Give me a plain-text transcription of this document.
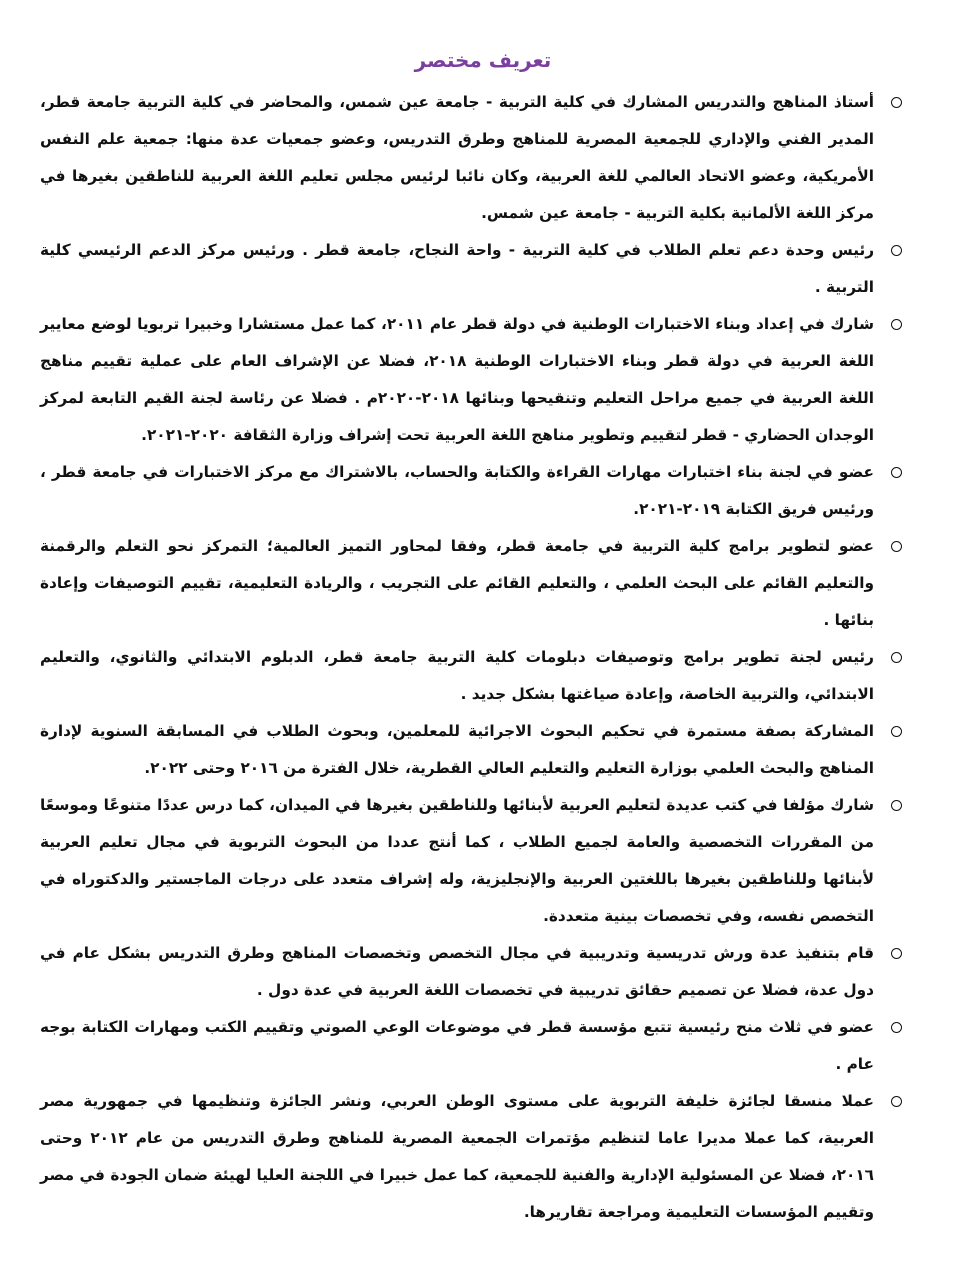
تعريف مختصر
أستاذ المناهج والتدريس المشارك في كلية التربية - جامعة عين شمس، والمحاضر في كلية التربية جامعة قطر، المدير الفني والإداري للجمعية المصرية للمناهج وطرق التدريس، وعضو جمعيات عدة منها: جمعية علم النفس الأمريكية، وعضو الاتحاد العالمي للغة العربية، وكان نائبا لرئيس مجلس تعليم اللغة العربية للناطقين بغيرها في مركز اللغة الألمانية بكلية التربية - جامعة عين شمس.
رئيس وحدة دعم تعلم الطلاب في كلية التربية - واحة النجاح، جامعة قطر . ورئيس مركز الدعم الرئيسي كلية التربية .
شارك في إعداد وبناء الاختبارات الوطنية في دولة قطر عام ٢٠١١، كما عمل مستشارا وخبيرا تربويا لوضع معايير اللغة العربية في دولة قطر وبناء الاختبارات الوطنية ٢٠١٨، فضلا عن الإشراف العام على عملية تقييم مناهج اللغة العربية في جميع مراحل التعليم وتنقيحها وبنائها ٢٠١٨-٢٠٢٠م . فضلا عن رئاسة لجنة القيم التابعة لمركز الوجدان الحضاري - قطر لتقييم وتطوير مناهج اللغة العربية تحت إشراف وزارة الثقافة ٢٠٢٠-٢٠٢١.
عضو في لجنة بناء اختبارات مهارات القراءة والكتابة والحساب، بالاشتراك مع مركز الاختبارات في جامعة قطر ، ورئيس فريق الكتابة ٢٠١٩-٢٠٢١.
عضو لتطوير برامج كلية التربية في جامعة قطر، وفقا لمحاور التميز العالمية؛ التمركز نحو التعلم والرقمنة والتعليم القائم على البحث العلمي ، والتعليم القائم على التجريب ، والريادة التعليمية، تقييم التوصيفات وإعادة بنائها .
رئيس لجنة تطوير برامج وتوصيفات دبلومات كلية التربية جامعة قطر، الدبلوم الابتدائي والثانوي، والتعليم الابتدائي، والتربية الخاصة، وإعادة صياغتها بشكل جديد .
المشاركة بصفة مستمرة في تحكيم البحوث الاجرائية للمعلمين، وبحوث الطلاب في المسابقة السنوية لإدارة المناهج والبحث العلمي بوزارة التعليم والتعليم العالي القطرية، خلال الفترة من ٢٠١٦ وحتى ٢٠٢٢.
شارك مؤلفا في كتب عديدة لتعليم العربية لأبنائها وللناطقين بغيرها في الميدان، كما درس عددًا متنوعًا وموسعًا من المقررات التخصصية والعامة لجميع الطلاب ، كما أنتج عددا من البحوث التربوية في مجال تعليم العربية لأبنائها وللناطقين بغيرها باللغتين العربية والإنجليزية، وله إشراف متعدد على درجات الماجستير والدكتوراه في التخصص نفسه، وفي تخصصات بينية متعددة.
قام بتنفيذ عدة ورش تدريسية وتدريبية في مجال التخصص وتخصصات المناهج وطرق التدريس بشكل عام في دول عدة، فضلا عن تصميم حقائق تدريبية في تخصصات اللغة العربية في عدة دول .
عضو في ثلاث منح رئيسية تتبع مؤسسة قطر في موضوعات الوعي الصوتي وتقييم الكتب ومهارات الكتابة بوجه عام .
عملا منسقا لجائزة خليفة التربوية على مستوى الوطن العربي، ونشر الجائزة وتنظيمها في جمهورية مصر العربية، كما عملا مديرا عاما لتنظيم مؤتمرات الجمعية المصرية للمناهج وطرق التدريس من عام ٢٠١٢ وحتى ٢٠١٦، فضلا عن المسئولية الإدارية والفنية للجمعية، كما عمل خبيرا في اللجنة العليا لهيئة ضمان الجودة في مصر وتقييم المؤسسات التعليمية ومراجعة تقاريرها.
